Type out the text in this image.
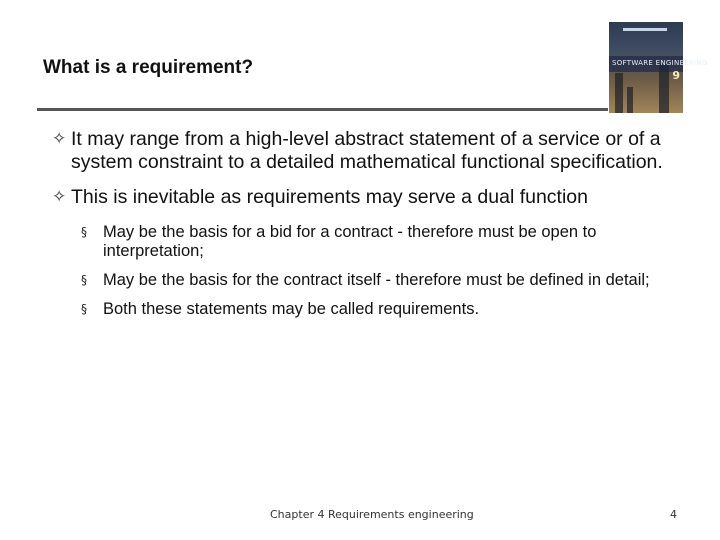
What is a requirement?	SOFTWARE ENGINEERING
9
✧ It may range from a high-level abstract statement of a service or of a system constraint to a detailed mathematical functional specification.
✧ This is inevitable as requirements may serve a dual function
§ May be the basis for a bid for a contract - therefore must be open to interpretation;
§ May be the basis for the contract itself - therefore must be defined in detail;
§ Both these statements may be called requirements.
Chapter 4 Requirements engineering	4
